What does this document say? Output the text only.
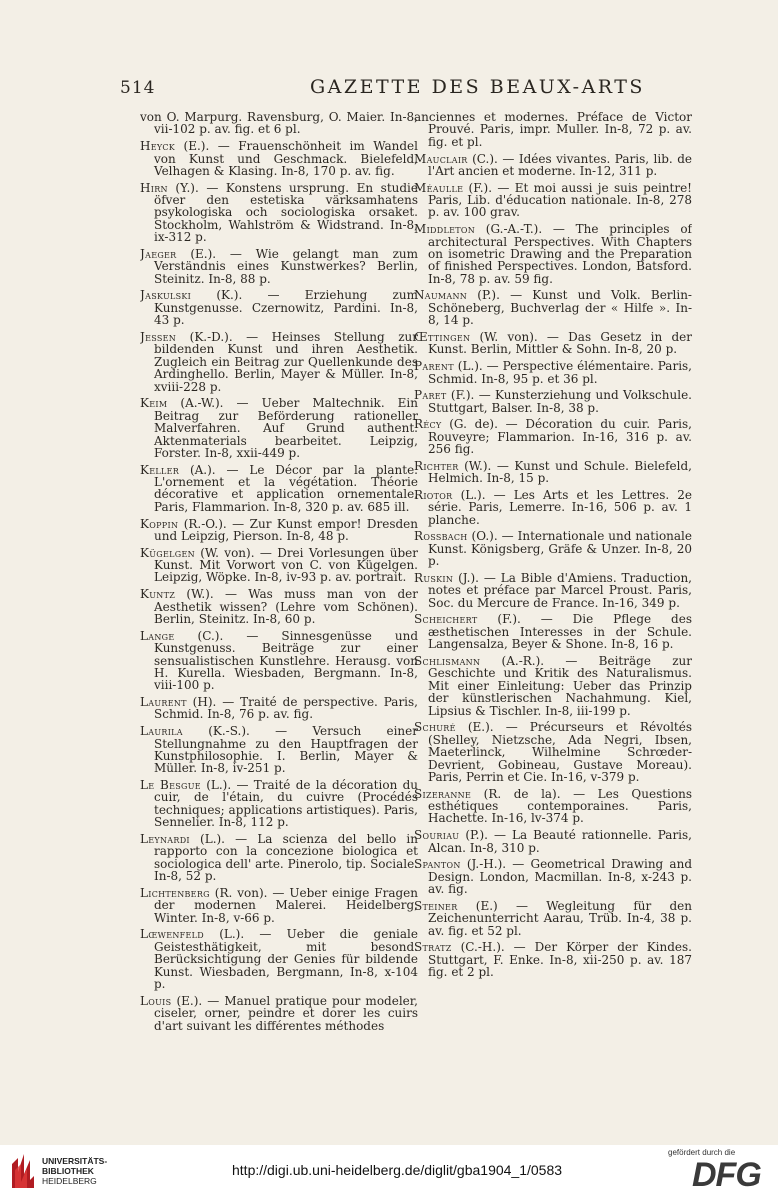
514	GAZETTE DES BEAUX-ARTS

von O. Marpurg. Ravensburg, O. Maier. In-8, vii-102 p. av. fig. et 6 pl.

Heyck (E.). — Frauenschönheit im Wandel von Kunst und Geschmack. Bielefeld, Velhagen & Klasing. In-8, 170 p. av. fig.

Hirn (Y.). — Konstens ursprung. En studie öfver den estetiska värksamhatens psykologiska och sociologiska orsaket. Stockholm, Wahlström & Widstrand. In-8, ix-312 p.

Jaeger (E.). — Wie gelangt man zum Verständnis eines Kunstwerkes? Berlin, Steinitz. In-8, 88 p.

Jaskulski (K.). — Erziehung zum Kunstgenusse. Czernowitz, Pardini. In-8, 43 p.

Jessen (K.-D.). — Heinses Stellung zur bildenden Kunst und ihren Aesthetik. Zugleich ein Beitrag zur Quellenkunde des Ardinghello. Berlin, Mayer & Müller. In-8, xviii-228 p.

Keim (A.-W.). — Ueber Maltechnik. Ein Beitrag zur Beförderung rationeller Malverfahren. Auf Grund authent. Aktenmaterials bearbeitet. Leipzig, Forster. In-8, xxii-449 p.

Keller (A.). — Le Décor par la plante. L'ornement et la végétation. Théorie décorative et application ornementale. Paris, Flammarion. In-8, 320 p. av. 685 ill.

Koppin (R.-O.). — Zur Kunst empor! Dresden und Leipzig, Pierson. In-8, 48 p.

Kügelgen (W. von). — Drei Vorlesungen über Kunst. Mit Vorwort von C. von Kügelgen. Leipzig, Wöpke. In-8, iv-93 p. av. portrait.

Kuntz (W.). — Was muss man von der Aesthetik wissen? (Lehre vom Schönen). Berlin, Steinitz. In-8, 60 p.

Lange (C.). — Sinnesgenüsse und Kunstgenuss. Beiträge zur einer sensualistischen Kunstlehre. Herausg. von H. Kurella. Wiesbaden, Bergmann. In-8, viii-100 p.

Laurent (H). — Traité de perspective. Paris, Schmid. In-8, 76 p. av. fig.

Laurila (K.-S.). — Versuch einer Stellungnahme zu den Hauptfragen der Kunstphilosophie. I. Berlin, Mayer & Müller. In-8, iv-251 p.

Le Besgue (L.). — Traité de la décoration du cuir, de l'étain, du cuivre (Procédés techniques; applications artistiques). Paris, Sennelier. In-8, 112 p.

Leynardi (L.). — La scienza del bello in rapporto con la concezione biologica et sociologica dell' arte. Pinerolo, tip. Sociale. In-8, 52 p.

Lichtenberg (R. von). — Ueber einige Fragen der modernen Malerei. Heidelberg, Winter. In-8, v-66 p.

Lœwenfeld (L.). — Ueber die geniale Geistesthätigkeit, mit besond. Berücksichtigung der Genies für bildende Kunst. Wiesbaden, Bergmann, In-8, x-104 p.

Louis (E.). — Manuel pratique pour modeler, ciseler, orner, peindre et dorer les cuirs d'art suivant les différentes méthodes

anciennes et modernes. Préface de Victor Prouvé. Paris, impr. Muller. In-8, 72 p. av. fig. et pl.

Mauclair (C.). — Idées vivantes. Paris, lib. de l'Art ancien et moderne. In-12, 311 p.

Méaulle (F.). — Et moi aussi je suis peintre! Paris, Lib. d'éducation nationale. In-8, 278 p. av. 100 grav.

Middleton (G.-A.-T.). — The principles of architectural Perspectives. With Chapters on isometric Drawing and the Preparation of finished Perspectives. London, Batsford. In-8, 78 p. av. 59 fig.

Naumann (P.). — Kunst und Volk. Berlin-Schöneberg, Buchverlag der « Hilfe ». In-8, 14 p.

Œttingen (W. von). — Das Gesetz in der Kunst. Berlin, Mittler & Sohn. In-8, 20 p.

Parent (L.). — Perspective élémentaire. Paris, Schmid. In-8, 95 p. et 36 pl.

Paret (F.). — Kunsterziehung und Volkschule. Stuttgart, Balser. In-8, 38 p.

Récy (G. de). — Décoration du cuir. Paris, Rouveyre; Flammarion. In-16, 316 p. av. 256 fig.

Richter (W.). — Kunst und Schule. Bielefeld, Helmich. In-8, 15 p.

Riotor (L.). — Les Arts et les Lettres. 2e série. Paris, Lemerre. In-16, 506 p. av. 1 planche.

Rossbach (O.). — Internationale und nationale Kunst. Königsberg, Gräfe & Unzer. In-8, 20 p.

Ruskin (J.). — La Bible d'Amiens. Traduction, notes et préface par Marcel Proust. Paris, Soc. du Mercure de France. In-16, 349 p.

Scheichert (F.). — Die Pflege des æsthetischen Interesses in der Schule. Langensalza, Beyer & Shone. In-8, 16 p.

Schlismann (A.-R.). — Beiträge zur Geschichte und Kritik des Naturalismus. Mit einer Einleitung: Ueber das Prinzip der künstlerischen Nachahmung. Kiel, Lipsius & Tischler. In-8, iii-199 p.

Schuré (E.). — Précurseurs et Révoltés (Shelley, Nietzsche, Ada Negri, Ibsen, Maeterlinck, Wilhelmine Schrœder-Devrient, Gobineau, Gustave Moreau). Paris, Perrin et Cie. In-16, v-379 p.

Sizeranne (R. de la). — Les Questions esthétiques contemporaines. Paris, Hachette. In-16, lv-374 p.

Souriau (P.). — La Beauté rationnelle. Paris, Alcan. In-8, 310 p.

Spanton (J.-H.). — Geometrical Drawing and Design. London, Macmillan. In-8, x-243 p. av. fig.

Steiner (E.) — Wegleitung für den Zeichenunterricht Aarau, Trüb. In-4, 38 p. av. fig. et 52 pl.

Stratz (C.-H.). — Der Körper der Kindes. Stuttgart, F. Enke. In-8, xii-250 p. av. 187 fig. et 2 pl.

UNIVERSITÄTS-
BIBLIOTHEK
HEIDELBERG
http://digi.ub.uni-heidelberg.de/diglit/gba1904_1/0583
gefördert durch die
DFG
